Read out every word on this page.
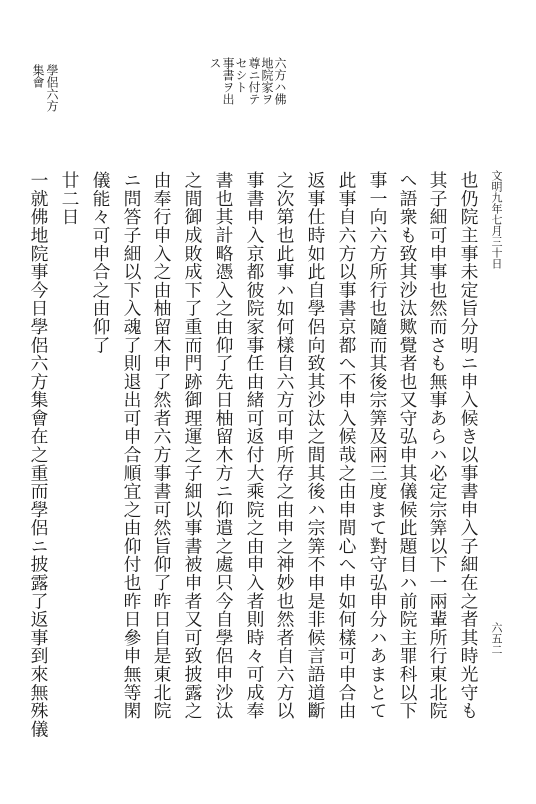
學侶六方
集會	六方ハ佛
地院家ヲ
尊ニ付テ
セシト
事書ヲ出
ス
文明九年七月三十日
六五二
也仍院主事未定旨分明ニ申入候き以事書申入子細在之者其時光守も
其子細可申事也然而さも無事あらハ必定宗筭以下一兩輩所行東北院
へ語衆も致其沙汰歟覺者也又守弘申其儀候此題目ハ前院主罪科以下
事一向六方所行也隨而其後宗筭及兩三度まて對守弘申分ハあまとて
此事自六方以事書京都へ不申入候哉之由申間心へ申如何樣可申合由
返事仕時如此自學侶向致其沙汰之間其後ハ宗筭不申是非候言語道斷
之次第也此事ハ如何樣自六方可申所存之由申之神妙也然者自六方以
事書申入京都彼院家事任由緒可返付大乘院之由申入者則時々可成奉
書也其計略憑入之由仰了先日柚留木方ニ仰遣之處只今自學侶申沙汰
之間御成敗成下了重而門跡御理運之子細以事書被申者又可致披露之
由奉行申入之由柚留木申了然者六方事書可然旨仰了昨日自是東北院
ニ問答子細以下入魂了則退出可申合順宜之由仰付也昨日參申無等閑
儀能々可申合之由仰了
廿二日
一就佛地院事今日學侶六方集會在之重而學侶ニ披露了返事到來無殊儀
